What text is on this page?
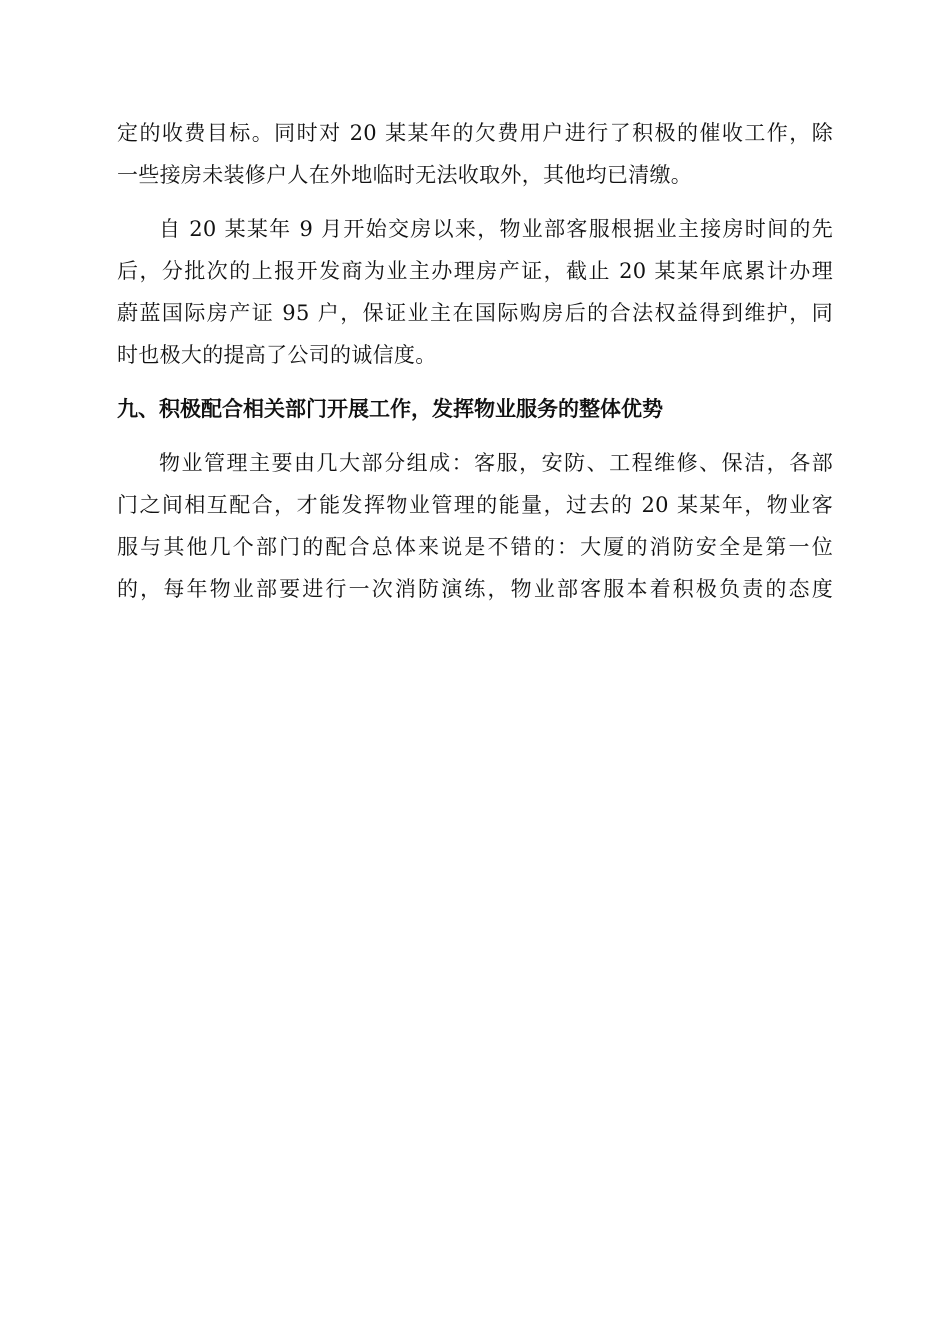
定的收费目标。同时对 20 某某年的欠费用户进行了积极的催收工作，除
一些接房未装修户人在外地临时无法收取外，其他均已清缴。
自 20 某某年 9 月开始交房以来，物业部客服根据业主接房时间的先
后，分批次的上报开发商为业主办理房产证，截止 20 某某年底累计办理
蔚蓝国际房产证 95 户，保证业主在国际购房后的合法权益得到维护，同
时也极大的提高了公司的诚信度。
九、积极配合相关部门开展工作，发挥物业服务的整体优势
物业管理主要由几大部分组成：客服，安防、工程维修、保洁，各部
门之间相互配合，才能发挥物业管理的能量，过去的 20 某某年，物业客
服与其他几个部门的配合总体来说是不错的：大厦的消防安全是第一位
的，每年物业部要进行一次消防演练，物业部客服本着积极负责的态度
